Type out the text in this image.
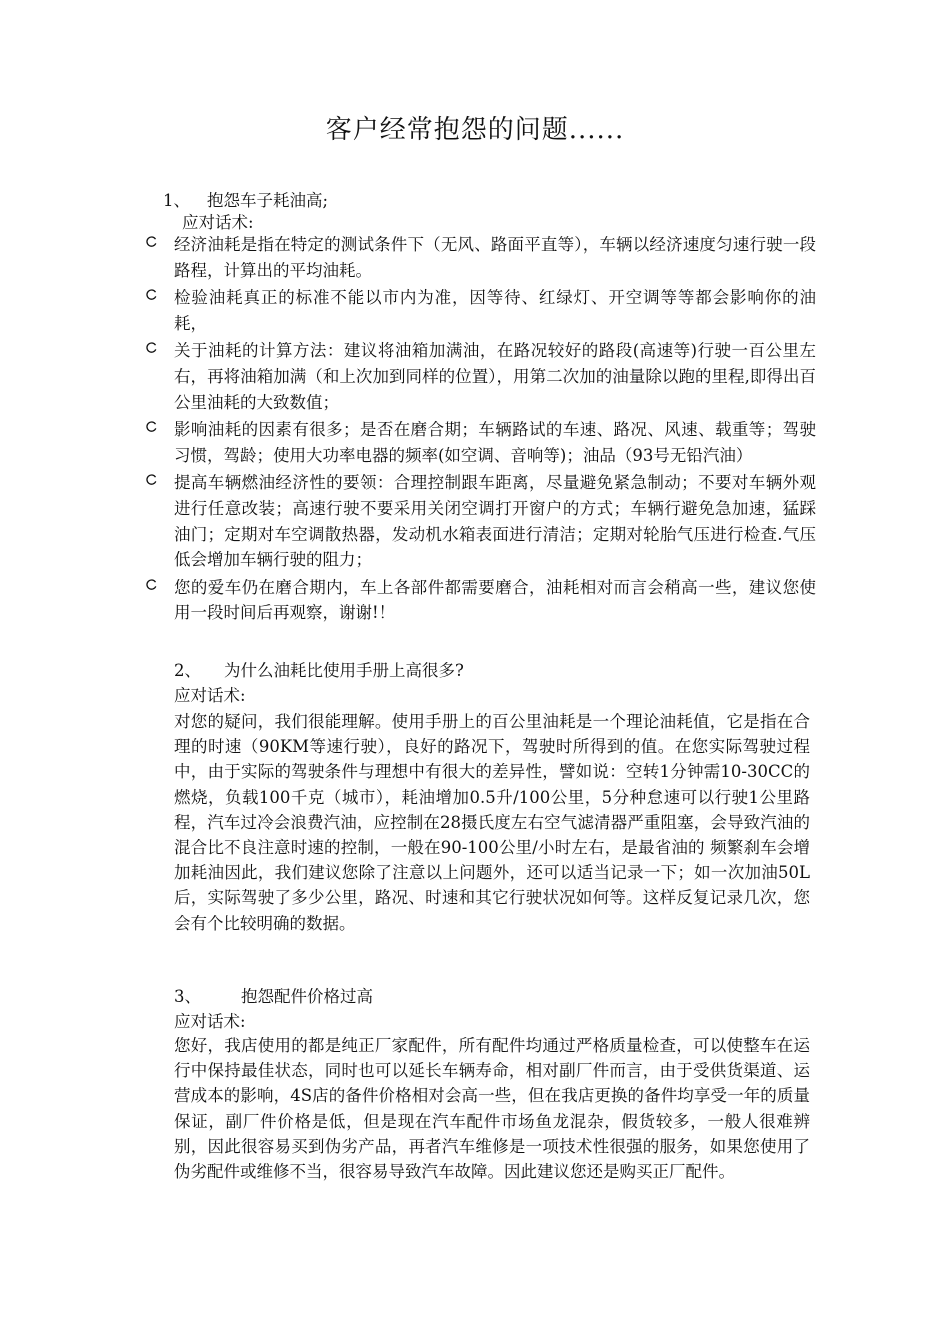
客户经常抱怨的问题......
1、 抱怨车子耗油高;
应对话术:
经济油耗是指在特定的测试条件下（无风、路面平直等），车辆以经济速度匀速行驶一段路程，计算出的平均油耗。
检验油耗真正的标准不能以市内为准，因等待、红绿灯、开空调等等都会影响你的油耗，
关于油耗的计算方法：建议将油箱加满油，在路况较好的路段(高速等)行驶一百公里左右，再将油箱加满（和上次加到同样的位置），用第二次加的油量除以跑的里程,即得出百公里油耗的大致数值；
影响油耗的因素有很多；是否在磨合期；车辆路试的车速、路况、风速、载重等；驾驶习惯，驾龄；使用大功率电器的频率(如空调、音响等)；油品（93号无铅汽油）
提高车辆燃油经济性的要领：合理控制跟车距离，尽量避免紧急制动；不要对车辆外观进行任意改装；高速行驶不要采用关闭空调打开窗户的方式；车辆行避免急加速，猛踩油门；定期对车空调散热器，发动机水箱表面进行清洁；定期对轮胎气压进行检查.气压低会增加车辆行驶的阻力；
您的爱车仍在磨合期内，车上各部件都需要磨合，油耗相对而言会稍高一些，建议您使用一段时间后再观察，谢谢!！
2、 为什么油耗比使用手册上高很多?
应对话术:
对您的疑问，我们很能理解。使用手册上的百公里油耗是一个理论油耗值，它是指在合理的时速（90KM等速行驶），良好的路况下，驾驶时所得到的值。在您实际驾驶过程中，由于实际的驾驶条件与理想中有很大的差异性，譬如说：空转1分钟需10-30CC的燃烧，负载100千克（城市），耗油增加0.5升/100公里，5分种怠速可以行驶1公里路程，汽车过冷会浪费汽油，应控制在28摄氏度左右空气滤清器严重阻塞，会导致汽油的混合比不良注意时速的控制，一般在90-100公里/小时左右，是最省油的 频繁刹车会增加耗油因此，我们建议您除了注意以上问题外，还可以适当记录一下；如一次加油50L后，实际驾驶了多少公里，路况、时速和其它行驶状况如何等。这样反复记录几次，您会有个比较明确的数据。
3、 抱怨配件价格过高
应对话术:
您好，我店使用的都是纯正厂家配件，所有配件均通过严格质量检查，可以使整车在运行中保持最佳状态，同时也可以延长车辆寿命，相对副厂件而言，由于受供货渠道、运营成本的影响，4S店的备件价格相对会高一些，但在我店更换的备件均享受一年的质量保证，副厂件价格是低，但是现在汽车配件市场鱼龙混杂，假货较多，一般人很难辨别，因此很容易买到伪劣产品，再者汽车维修是一项技术性很强的服务，如果您使用了伪劣配件或维修不当，很容易导致汽车故障。因此建议您还是购买正厂配件。
